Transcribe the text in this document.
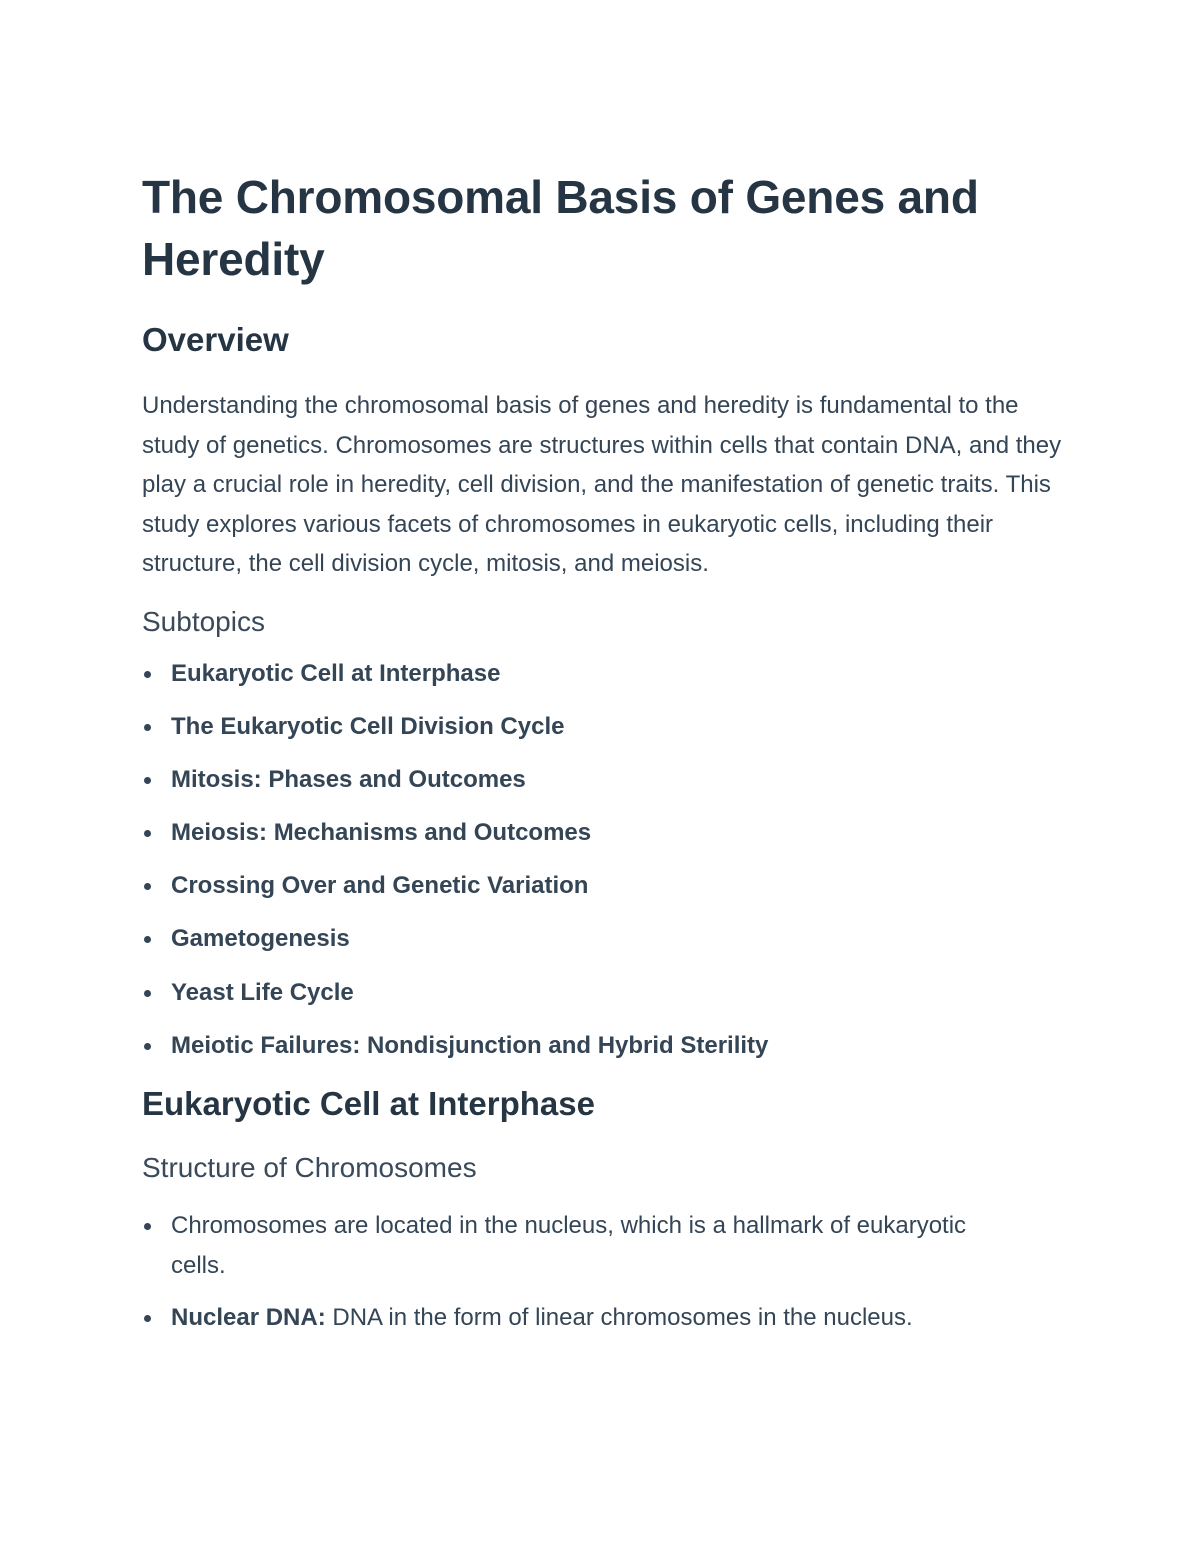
The Chromosomal Basis of Genes and Heredity
Overview

Understanding the chromosomal basis of genes and heredity is fundamental to the study of genetics. Chromosomes are structures within cells that contain DNA, and they play a crucial role in heredity, cell division, and the manifestation of genetic traits. This study explores various facets of chromosomes in eukaryotic cells, including their structure, the cell division cycle, mitosis, and meiosis.

Subtopics
Eukaryotic Cell at Interphase
The Eukaryotic Cell Division Cycle
Mitosis: Phases and Outcomes
Meiosis: Mechanisms and Outcomes
Crossing Over and Genetic Variation
Gametogenesis
Yeast Life Cycle
Meiotic Failures: Nondisjunction and Hybrid Sterility
Eukaryotic Cell at Interphase
Structure of Chromosomes
Chromosomes are located in the nucleus, which is a hallmark of eukaryotic cells.
Nuclear DNA: DNA in the form of linear chromosomes in the nucleus.
